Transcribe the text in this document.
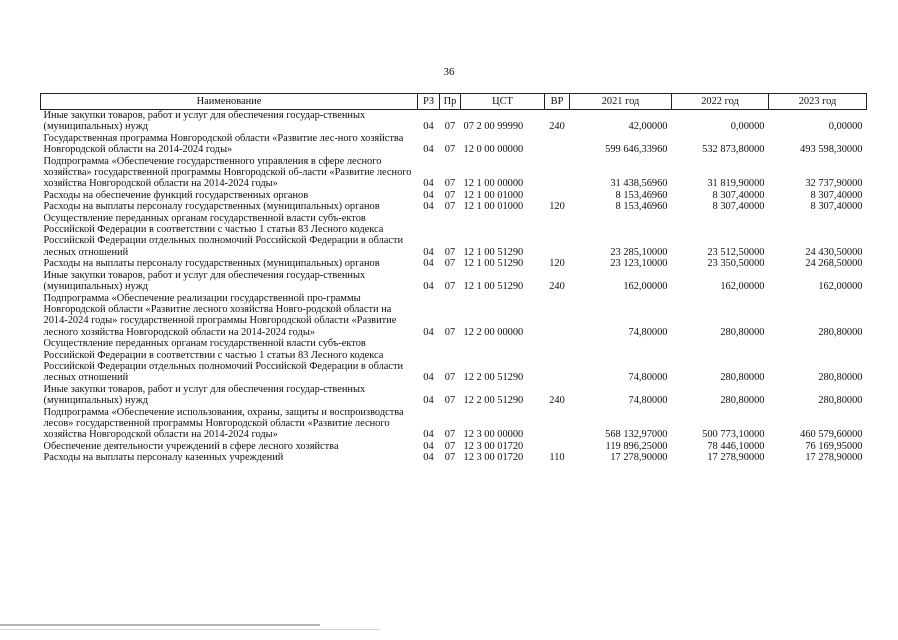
36
Наименование	РЗ	Пр	ЦСТ	ВР	2021 год	2022 год	2023 год
Иные закупки товаров, работ и услуг для обеспечения государ-ственных (муниципальных) нужд	04	07	07 2 00 99990	240	42,00000	0,00000	0,00000
Государственная программа Новгородской области «Развитие лес-ного хозяйства Новгородской области на 2014-2024 годы»	04	07	12 0 00 00000		599 646,33960	532 873,80000	493 598,30000
Подпрограмма «Обеспечение государственного управления в сфере лесного хозяйства» государственной программы Новгородской об-ласти «Развитие лесного хозяйства Новгородской области на 2014-2024 годы»	04	07	12 1 00 00000		31 438,56960	31 819,90000	32 737,90000
Расходы на обеспечение функций государственных органов	04	07	12 1 00 01000		8 153,46960	8 307,40000	8 307,40000
Расходы на выплаты персоналу государственных (муниципальных) органов	04	07	12 1 00 01000	120	8 153,46960	8 307,40000	8 307,40000
Осуществление переданных органам государственной власти субъ-ектов Российской Федерации в соответствии с частью 1 статьи 83 Лесного кодекса Российской Федерации отдельных полномочий Российской Федерации в области лесных отношений	04	07	12 1 00 51290		23 285,10000	23 512,50000	24 430,50000
Расходы на выплаты персоналу государственных (муниципальных) органов	04	07	12 1 00 51290	120	23 123,10000	23 350,50000	24 268,50000
Иные закупки товаров, работ и услуг для обеспечения государ-ственных (муниципальных) нужд	04	07	12 1 00 51290	240	162,00000	162,00000	162,00000
Подпрограмма «Обеспечение реализации государственной про-граммы Новгородской области «Развитие лесного хозяйства Новго-родской области на 2014-2024 годы» государственной программы Новгородской области «Развитие лесного хозяйства Новгородской области на 2014-2024 годы»	04	07	12 2 00 00000		74,80000	280,80000	280,80000
Осуществление переданных органам государственной власти субъ-ектов Российской Федерации в соответствии с частью 1 статьи 83 Лесного кодекса Российской Федерации отдельных полномочий Российской Федерации в области лесных отношений	04	07	12 2 00 51290		74,80000	280,80000	280,80000
Иные закупки товаров, работ и услуг для обеспечения государ-ственных (муниципальных) нужд	04	07	12 2 00 51290	240	74,80000	280,80000	280,80000
Подпрограмма «Обеспечение использования, охраны, защиты и воспроизводства лесов» государственной программы Новгородской области «Развитие лесного хозяйства Новгородской области на 2014-2024 годы»	04	07	12 3 00 00000		568 132,97000	500 773,10000	460 579,60000
Обеспечение деятельности учреждений в сфере лесного хозяйства	04	07	12 3 00 01720		119 896,25000	78 446,10000	76 169,95000
Расходы на выплаты персоналу казенных учреждений	04	07	12 3 00 01720	110	17 278,90000	17 278,90000	17 278,90000
